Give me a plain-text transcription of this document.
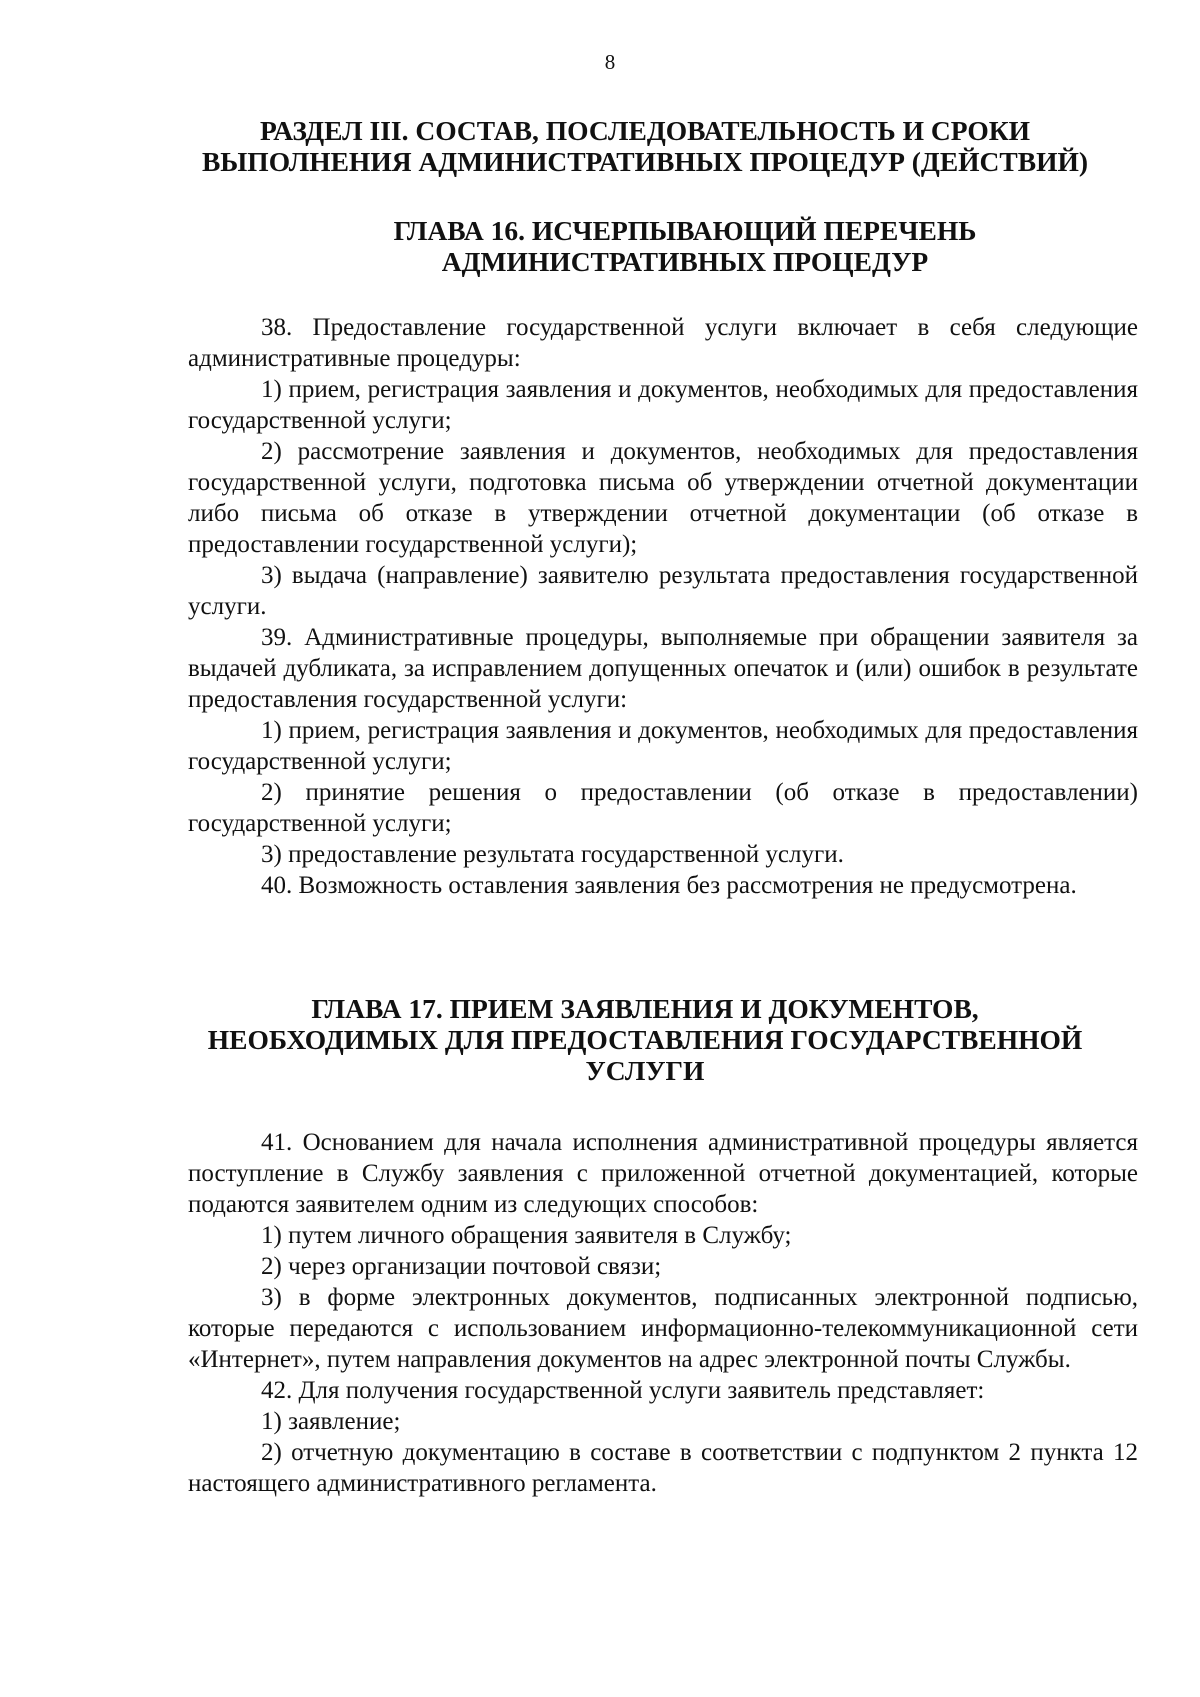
8
РАЗДЕЛ III. СОСТАВ, ПОСЛЕДОВАТЕЛЬНОСТЬ И СРОКИ
ВЫПОЛНЕНИЯ АДМИНИСТРАТИВНЫХ ПРОЦЕДУР (ДЕЙСТВИЙ)
ГЛАВА 16. ИСЧЕРПЫВАЮЩИЙ ПЕРЕЧЕНЬ
АДМИНИСТРАТИВНЫХ ПРОЦЕДУР

38. Предоставление государственной услуги включает в себя следующие административные процедуры:

1) прием, регистрация заявления и документов, необходимых для предоставления государственной услуги;

2) рассмотрение заявления и документов, необходимых для предоставления государственной услуги, подготовка письма об утверждении отчетной документации либо письма об отказе в утверждении отчетной документации (об отказе в предоставлении государственной услуги);

3) выдача (направление) заявителю результата предоставления государственной услуги.

39. Административные процедуры, выполняемые при обращении заявителя за выдачей дубликата, за исправлением допущенных опечаток и (или) ошибок в результате предоставления государственной услуги:

1) прием, регистрация заявления и документов, необходимых для предоставления государственной услуги;

2) принятие решения о предоставлении (об отказе в предоставлении) государственной услуги;

3) предоставление результата государственной услуги.

40. Возможность оставления заявления без рассмотрения не предусмотрена.

ГЛАВА 17. ПРИЕМ ЗАЯВЛЕНИЯ И ДОКУМЕНТОВ,
НЕОБХОДИМЫХ ДЛЯ ПРЕДОСТАВЛЕНИЯ ГОСУДАРСТВЕННОЙ
УСЛУГИ

41. Основанием для начала исполнения административной процедуры является поступление в Службу заявления с приложенной отчетной документацией, которые подаются заявителем одним из следующих способов:

1) путем личного обращения заявителя в Службу;

2) через организации почтовой связи;

3) в форме электронных документов, подписанных электронной подписью, которые передаются с использованием информационно-телекоммуникационной сети «Интернет», путем направления документов на адрес электронной почты Службы.

42. Для получения государственной услуги заявитель представляет:

1) заявление;

2) отчетную документацию в составе в соответствии с подпунктом 2 пункта 12 настоящего административного регламента.
